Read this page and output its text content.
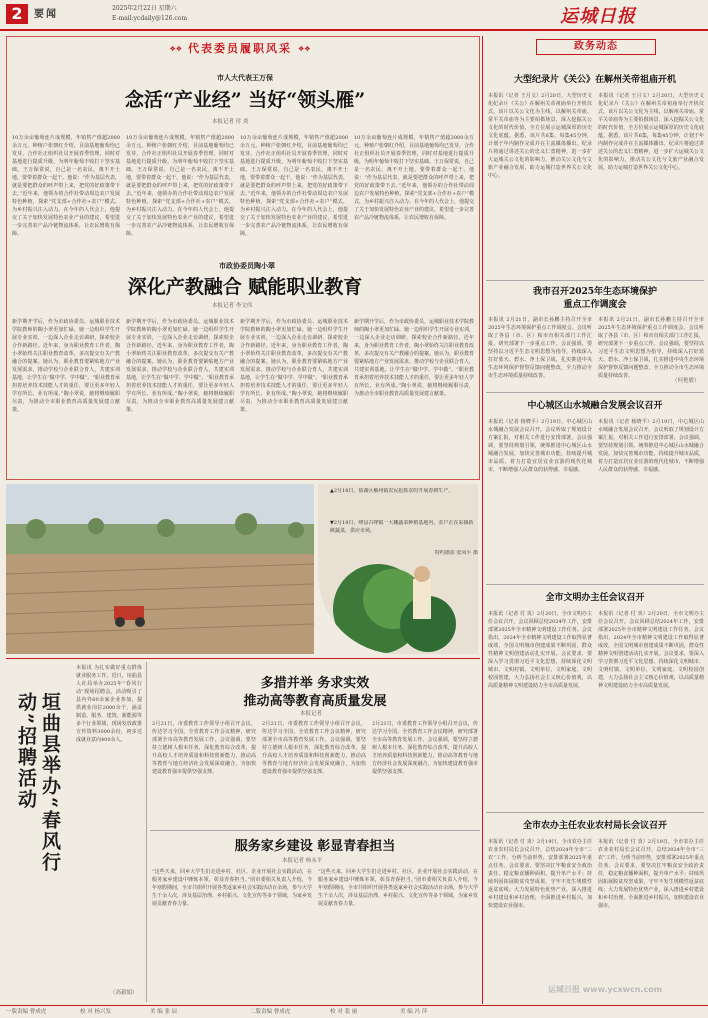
2	要闻
2025年2月22日 星期六
E-mail:ycdaily@126.com	运城日报
❖❖ 代表委员履职风采 ❖❖
市人大代表王万保
念活“产业经” 当好“领头雁”
本报记者 付 炎
10万余亩葡萄连片成规模，年销售产值超2000余万元。种植户张朝红介绍，目前基地葡萄均已发芽，合作社正组织社员开展春季管理，同时对基地进行提质升级，为明年葡萄丰收打下坚实基础。王万保常说，自己是一名农民，离不开土地，要带着群众一起干。他说：“作为基层代表，就是要把群众的呼声带上来，把党的好政策带下去。”近年来，他领办的合作社带动周边农户发展特色种植，探索“党支部+合作社+农户”模式，为乡村振兴注入动力。在今年的人代会上，他提交了关于加快发展特色农业产业的建议，希望进一步完善农产品冷链物流体系，让农民增收有保障。
10万余亩葡萄连片成规模，年销售产值超2000余万元。种植户张朝红介绍，目前基地葡萄均已发芽，合作社正组织社员开展春季管理，同时对基地进行提质升级，为明年葡萄丰收打下坚实基础。王万保常说，自己是一名农民，离不开土地，要带着群众一起干。他说：“作为基层代表，就是要把群众的呼声带上来，把党的好政策带下去。”近年来，他领办的合作社带动周边农户发展特色种植，探索“党支部+合作社+农户”模式，为乡村振兴注入动力。在今年的人代会上，他提交了关于加快发展特色农业产业的建议，希望进一步完善农产品冷链物流体系，让农民增收有保障。
10万余亩葡萄连片成规模，年销售产值超2000余万元。种植户张朝红介绍，目前基地葡萄均已发芽，合作社正组织社员开展春季管理，同时对基地进行提质升级，为明年葡萄丰收打下坚实基础。王万保常说，自己是一名农民，离不开土地，要带着群众一起干。他说：“作为基层代表，就是要把群众的呼声带上来，把党的好政策带下去。”近年来，他领办的合作社带动周边农户发展特色种植，探索“党支部+合作社+农户”模式，为乡村振兴注入动力。在今年的人代会上，他提交了关于加快发展特色农业产业的建议，希望进一步完善农产品冷链物流体系，让农民增收有保障。
10万余亩葡萄连片成规模，年销售产值超2000余万元。种植户张朝红介绍，目前基地葡萄均已发芽，合作社正组织社员开展春季管理，同时对基地进行提质升级，为明年葡萄丰收打下坚实基础。王万保常说，自己是一名农民，离不开土地，要带着群众一起干。他说：“作为基层代表，就是要把群众的呼声带上来，把党的好政策带下去。”近年来，他领办的合作社带动周边农户发展特色种植，探索“党支部+合作社+农户”模式，为乡村振兴注入动力。在今年的人代会上，他提交了关于加快发展特色农业产业的建议，希望进一步完善农产品冷链物流体系，让农民增收有保障。
市政协委员陶小翠
深化产教融合 赋能职业教育
本报记者 李文伟
新学期开学后，作为市政协委员、运城职业技术学院教师的陶小翠更加忙碌。她一边组织学生开展专业实训，一边深入企业走访调研，探索校企合作新路径。近年来，身为职业教育工作者，陶小翠始终关注职业教育改革，多次提交有关产教融合的提案。她认为，职业教育要紧贴地方产业发展需求，推动学校与企业联合育人，共建实训基地，让学生在“做中学、学中做”。“职业教育承担着培养技术技能人才的重任，要让更多年轻人学有所长、业有所成。”陶小翠说，她将继续履职尽责，为推动全市职业教育高质量发展建言献策。
新学期开学后，作为市政协委员、运城职业技术学院教师的陶小翠更加忙碌。她一边组织学生开展专业实训，一边深入企业走访调研，探索校企合作新路径。近年来，身为职业教育工作者，陶小翠始终关注职业教育改革，多次提交有关产教融合的提案。她认为，职业教育要紧贴地方产业发展需求，推动学校与企业联合育人，共建实训基地，让学生在“做中学、学中做”。“职业教育承担着培养技术技能人才的重任，要让更多年轻人学有所长、业有所成。”陶小翠说，她将继续履职尽责，为推动全市职业教育高质量发展建言献策。
新学期开学后，作为市政协委员、运城职业技术学院教师的陶小翠更加忙碌。她一边组织学生开展专业实训，一边深入企业走访调研，探索校企合作新路径。近年来，身为职业教育工作者，陶小翠始终关注职业教育改革，多次提交有关产教融合的提案。她认为，职业教育要紧贴地方产业发展需求，推动学校与企业联合育人，共建实训基地，让学生在“做中学、学中做”。“职业教育承担着培养技术技能人才的重任，要让更多年轻人学有所长、业有所成。”陶小翠说，她将继续履职尽责，为推动全市职业教育高质量发展建言献策。
新学期开学后，作为市政协委员、运城职业技术学院教师的陶小翠更加忙碌。她一边组织学生开展专业实训，一边深入企业走访调研，探索校企合作新路径。近年来，身为职业教育工作者，陶小翠始终关注职业教育改革，多次提交有关产教融合的提案。她认为，职业教育要紧贴地方产业发展需求，推动学校与企业联合育人，共建实训基地，让学生在“做中学、学中做”。“职业教育承担着培养技术技能人才的重任，要让更多年轻人学有所长、业有所成。”陶小翠说，她将继续履职尽责，为推动全市职业教育高质量发展建言献策。
▲2月18日，盐湖区解州镇农民抢抓农时开展春耕生产。
▼2月19日，绛县古绛镇一大棚蔬菜种植基地内，农户正在采摘新鲜蔬菜，供应市场。
特约摄影 张凤平 摄
垣曲县举办“春风行动”招聘活动
本报讯 为扎实做好重点群体就业服务工作，近日，垣曲县人社局举办2025年“春风行动”现场招聘会。活动吸引了县内外60余家企业参加，提供就业岗位2000余个，涵盖制造、服务、建筑、新能源等多个行业领域，现场发放政策宣传资料3000余份，初步达成就业意向400余人。
（高毅娟）
多措并举 务求实效
推动高等教育高质量发展
本报记者
2月21日，市委教育工作领导小组召开会议，传达学习全国、全省教育工作会议精神，研究部署全市高等教育发展工作。会议强调，要坚持立德树人根本任务，深化教育综合改革，提升高校人才培养质量和科技创新能力，推动高等教育与地方经济社会发展深度融合，为加快建设教育强市提供坚强支撑。
2月21日，市委教育工作领导小组召开会议，传达学习全国、全省教育工作会议精神，研究部署全市高等教育发展工作。会议强调，要坚持立德树人根本任务，深化教育综合改革，提升高校人才培养质量和科技创新能力，推动高等教育与地方经济社会发展深度融合，为加快建设教育强市提供坚强支撑。
2月21日，市委教育工作领导小组召开会议，传达学习全国、全省教育工作会议精神，研究部署全市高等教育发展工作。会议强调，要坚持立德树人根本任务，深化教育综合改革，提升高校人才培养质量和科技创新能力，推动高等教育与地方经济社会发展深度融合，为加快建设教育强市提供坚强支撑。
服务家乡建设 彰显青春担当
本报记者 杨永平
“这些天来，回乡大学生们走进乡村、社区、企业开展社会实践活动，在服务家乡建设中锤炼本领，彰显青春担当。”团市委相关负责人介绍，今年寒假期间，全市共组织开展各类返家乡社会实践活动百余场，参与大学生千余人次，涉及基层治理、乡村振兴、文化宣传等多个领域，为家乡发展贡献青春力量。
“这些天来，回乡大学生们走进乡村、社区、企业开展社会实践活动，在服务家乡建设中锤炼本领，彰显青春担当。”团市委相关负责人介绍，今年寒假期间，全市共组织开展各类返家乡社会实践活动百余场，参与大学生千余人次，涉及基层治理、乡村振兴、文化宣传等多个领域，为家乡发展贡献青春力量。
政务动态
大型纪录片《关公》在解州关帝祖庙开机
本报讯（记者 王月文）2月20日，大型历史文化纪录片《关公》在解州关帝祖庙举行开机仪式。该片以关公文化为主线，以解州关帝庙、常平关帝庙等为主要拍摄场景，深入挖掘关公文化的时代价值，全方位展示运城深厚的历史文化底蕴。据悉，该片共6集，每集45分钟，计划于年内制作完成并在主流媒体播出。纪录片将通过讲述关公的忠义仁勇精神，进一步扩大运城关公文化的影响力，推动关公文化与文旅产业融合发展，助力运城打造世界关公文化中心。
本报讯（记者 王月文）2月20日，大型历史文化纪录片《关公》在解州关帝祖庙举行开机仪式。该片以关公文化为主线，以解州关帝庙、常平关帝庙等为主要拍摄场景，深入挖掘关公文化的时代价值，全方位展示运城深厚的历史文化底蕴。据悉，该片共6集，每集45分钟，计划于年内制作完成并在主流媒体播出。纪录片将通过讲述关公的忠义仁勇精神，进一步扩大运城关公文化的影响力，推动关公文化与文旅产业融合发展，助力运城打造世界关公文化中心。
我市召开2025年生态环境保护
重点工作调度会
本报讯 2月21日，副市长孙鹏主持召开全市2025年生态环境保护重点工作调度会。会议听取了各县（市、区）和市直相关部门工作汇报，研究部署下一步重点工作。会议强调，要坚持以习近平生态文明思想为指导，持续深入打好蓝天、碧水、净土保卫战，扎实推进中央生态环境保护督察反馈问题整改，全力推动全市生态环境质量持续改善。
本报讯 2月21日，副市长孙鹏主持召开全市2025年生态环境保护重点工作调度会。会议听取了各县（市、区）和市直相关部门工作汇报，研究部署下一步重点工作。会议强调，要坚持以习近平生态文明思想为指导，持续深入打好蓝天、碧水、净土保卫战，扎实推进中央生态环境保护督察反馈问题整改，全力推动全市生态环境质量持续改善。
（何艳敏）
中心城区山水城融合发展会议召开
本报讯（记者 杨晓平）2月19日，中心城区山水城融合发展会议召开。会议听取了规划设计方案汇报，对相关工作进行安排部署。会议强调，要坚持规划引领，统筹推进中心城区山水城融合发展，加快完善城市功能，持续提升城市品质，着力打造宜居宜业宜游的现代化城市，不断增强人民群众的获得感、幸福感。
本报讯（记者 杨晓平）2月19日，中心城区山水城融合发展会议召开。会议听取了规划设计方案汇报，对相关工作进行安排部署。会议强调，要坚持规划引领，统筹推进中心城区山水城融合发展，加快完善城市功能，持续提升城市品质，着力打造宜居宜业宜游的现代化城市，不断增强人民群众的获得感、幸福感。
全市文明办主任会议召开
本报讯（记者 付 炎）2月20日，全市文明办主任会议召开。会议回顾总结2024年工作，安排部署2025年全市精神文明建设工作任务。会议指出，2024年全市精神文明建设工作取得显著成效，全国文明城市创建成果不断巩固，群众性精神文明创建活动扎实开展。会议要求，要深入学习贯彻习近平文化思想，持续深化文明城市、文明村镇、文明单位、文明家庭、文明校园创建，大力弘扬社会主义核心价值观，以高质量精神文明建设助力全市高质量发展。
本报讯（记者 付 炎）2月20日，全市文明办主任会议召开。会议回顾总结2024年工作，安排部署2025年全市精神文明建设工作任务。会议指出，2024年全市精神文明建设工作取得显著成效，全国文明城市创建成果不断巩固，群众性精神文明创建活动扎实开展。会议要求，要深入学习贯彻习近平文化思想，持续深化文明城市、文明村镇、文明单位、文明家庭、文明校园创建，大力弘扬社会主义核心价值观，以高质量精神文明建设助力全市高质量发展。
全市农办主任农业农村局长会议召开
本报讯（记者 付 炎）2月19日，全市农办主任农业农村局长会议召开，总结2024年全市“三农”工作，分析当前形势，安排部署2025年重点任务。会议要求，要坚决扛牢粮食安全政治责任，稳定粮食播种面积，提升单产水平；持续巩固拓展脱贫攻坚成果，守牢不发生规模性返贫底线；大力发展特色优势产业，深入推进乡村建设和乡村治理，全面推进乡村振兴，加快建设农业强市。
本报讯（记者 付 炎）2月19日，全市农办主任农业农村局长会议召开，总结2024年全市“三农”工作，分析当前形势，安排部署2025年重点任务。会议要求，要坚决扛牢粮食安全政治责任，稳定粮食播种面积，提升单产水平；持续巩固拓展脱贫攻坚成果，守牢不发生规模性返贫底线；大力发展特色优势产业，深入推进乡村建设和乡村治理，全面推进乡村振兴，加快建设农业强市。
运城日报 www.ycxwcn.com
一版责编 曹成虎	校 对 杨兴发	美 编 张 辰	二版责编 曹成虎	校 对 裴 丽	美 编 冯 萍
